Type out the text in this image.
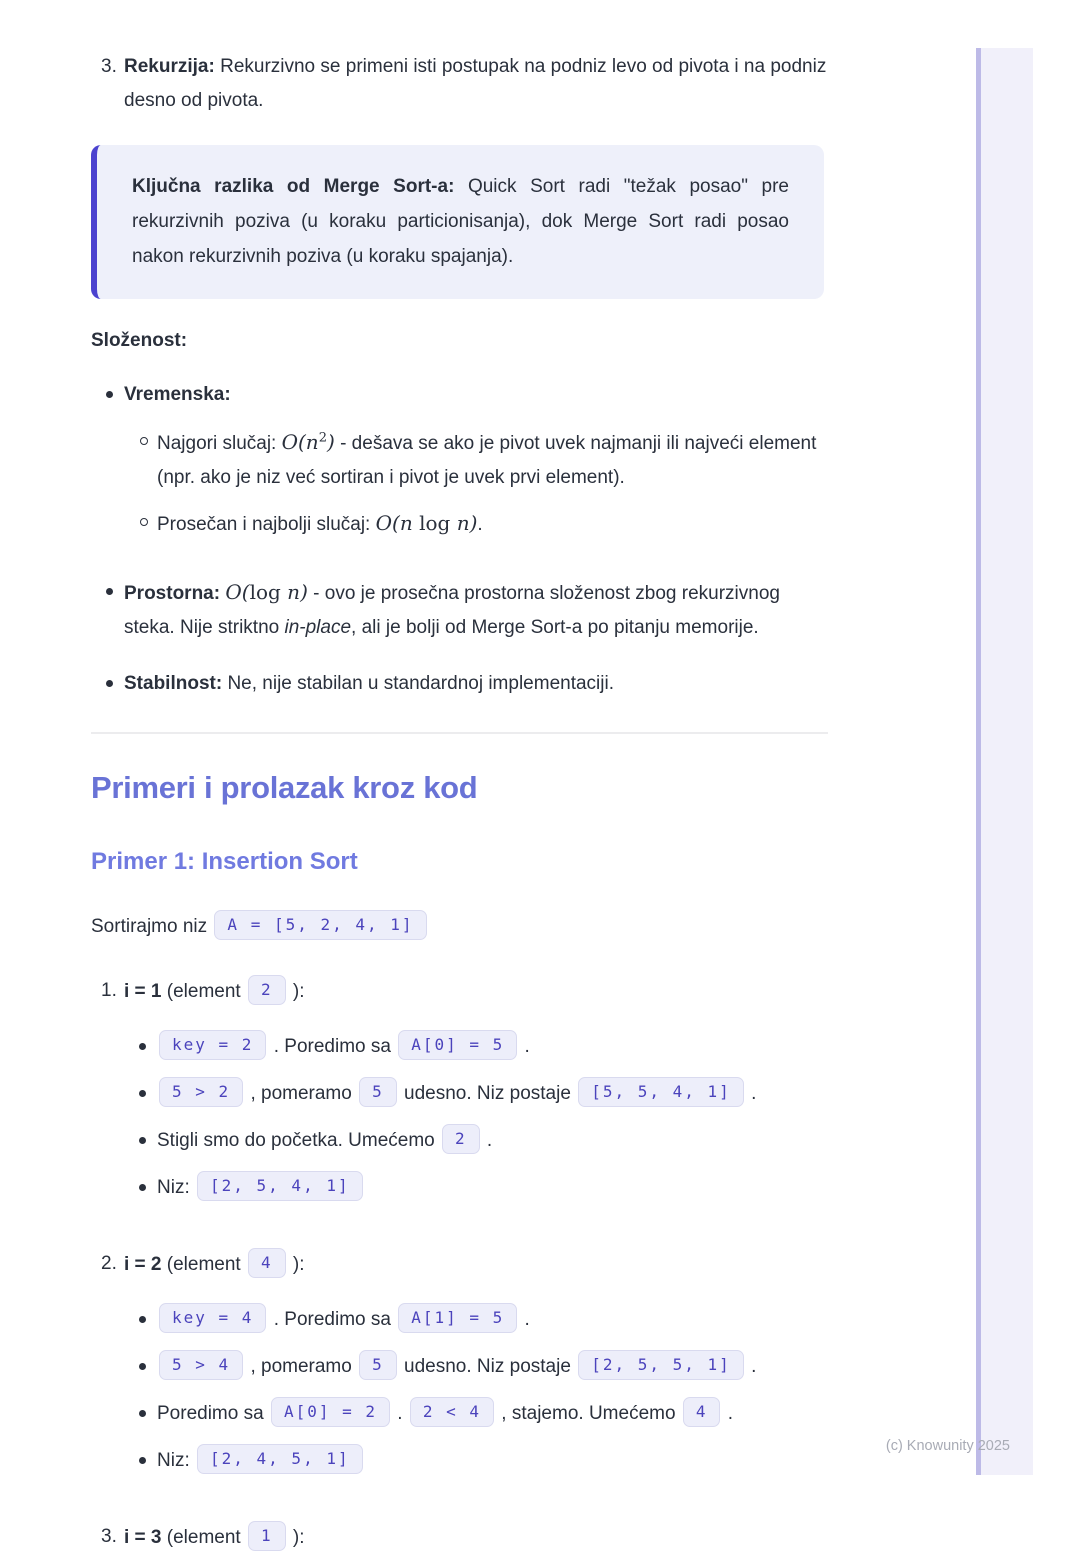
3. Rekurzija: Rekurzivno se primeni isti postupak na podniz levo od pivota i na podniz desno od pivota.

Ključna razlika od Merge Sort-a: Quick Sort radi "težak posao" pre rekurzivnih poziva (u koraku particionisanja), dok Merge Sort radi posao nakon rekurzivnih poziva (u koraku spajanja).

Složenost:

Vremenska:

Najgori slučaj: $O(n^2)$ - dešava se ako je pivot uvek najmanji ili najveći element (npr. ako je niz već sortiran i pivot je uvek prvi element).

Prosečan i najbolji slučaj: O(n log n).

Prostorna: O(log n) - ovo je prosečna prostorna složenost zbog rekurzivnog steka. Nije striktno in-place, ali je bolji od Merge Sort-a po pitanju memorije.

Stabilnost: Ne, nije stabilan u standardnoj implementaciji.

Primeri i prolazak kroz kod
Primer 1: Insertion Sort

Sortirajmo niz A = [5, 2, 4, 1]

1. i = 1 (element 2 ):

key = 2 . Poredimo sa A[0] = 5 .

5 > 2 , pomeramo 5 udesno. Niz postaje [5, 5, 4, 1] .

Stigli smo do početka. Umećemo 2 .

Niz: [2, 5, 4, 1]

2. i = 2 (element 4 ):

key = 4 . Poredimo sa A[1] = 5 .

5 > 4 , pomeramo 5 udesno. Niz postaje [2, 5, 5, 1] .

Poredimo sa A[0] = 2 . 2 < 4 , stajemo. Umećemo 4 .

Niz: [2, 4, 5, 1]

3. i = 3 (element 1 ):

(c) Knowunity 2025
